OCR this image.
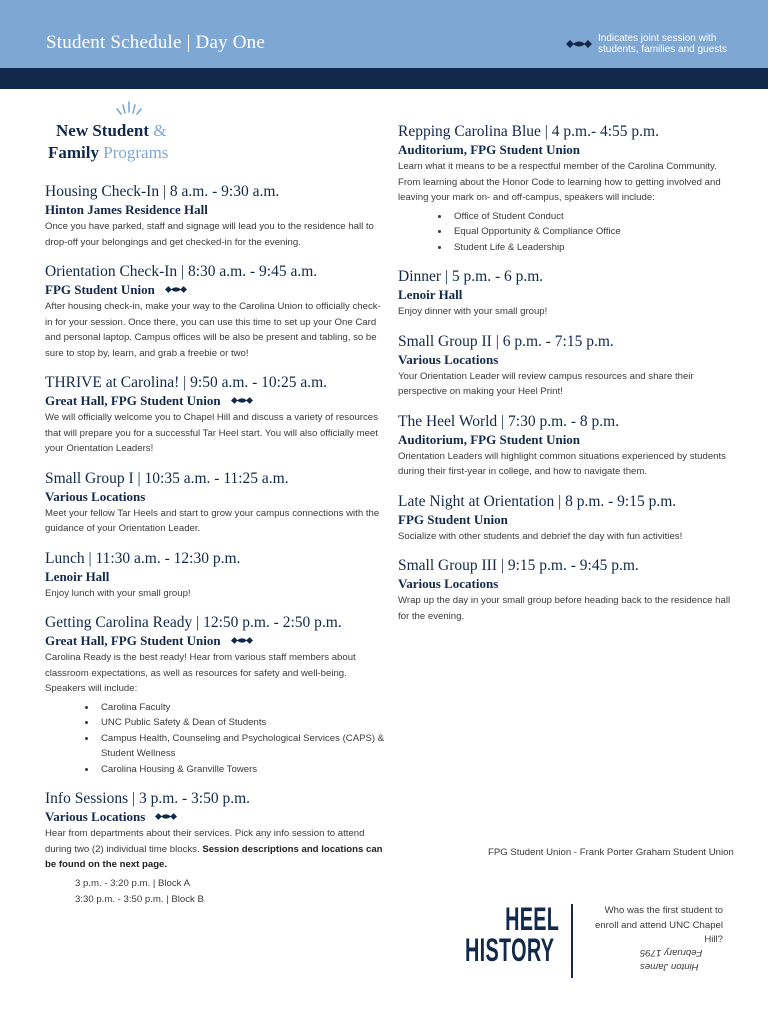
Student Schedule | Day One	Indicates joint session with
students, families and guests
New Student &
Family Programs
Housing Check-In | 8 a.m. - 9:30 a.m.
Hinton James Residence Hall
Once you have parked, staff and signage will lead you to the residence hall to drop-off your belongings and get checked-in for the evening.
Orientation Check-In | 8:30 a.m. - 9:45 a.m.
FPG Student Union
After housing check-in, make your way to the Carolina Union to officially check-in for your session. Once there, you can use this time to set up your One Card and personal laptop. Campus offices will be also be present and tabling, so be sure to stop by, learn, and grab a freebie or two!
THRIVE at Carolina! | 9:50 a.m. - 10:25 a.m.
Great Hall, FPG Student Union
We will officially welcome you to Chapel Hill and discuss a variety of resources that will prepare you for a successful Tar Heel start. You will also officially meet your Orientation Leaders!
Small Group I | 10:35 a.m. - 11:25 a.m.
Various Locations
Meet your fellow Tar Heels and start to grow your campus connections with the guidance of your Orientation Leader.
Lunch | 11:30 a.m. - 12:30 p.m.
Lenoir Hall
Enjoy lunch with your small group!
Getting Carolina Ready | 12:50 p.m. - 2:50 p.m.
Great Hall, FPG Student Union
Carolina Ready is the best ready! Hear from various staff members about classroom expectations, as well as resources for safety and well-being. Speakers will include:
• Carolina Faculty
• UNC Public Safety & Dean of Students
• Campus Health, Counseling and Psychological Services (CAPS) & Student Wellness
• Carolina Housing & Granville Towers
Info Sessions | 3 p.m. - 3:50 p.m.
Various Locations
Hear from departments about their services. Pick any info session to attend during two (2) individual time blocks. Session descriptions and locations can be found on the next page.
3 p.m. - 3:20 p.m. | Block A
3:30 p.m. - 3:50 p.m. | Block B
Repping Carolina Blue | 4 p.m.- 4:55 p.m.
Auditorium, FPG Student Union
Learn what it means to be a respectful member of the Carolina Community. From learning about the Honor Code to learning how to getting involved and leaving your mark on- and off-campus, speakers will include:
• Office of Student Conduct
• Equal Opportunity & Compliance Office
• Student Life & Leadership
Dinner | 5 p.m. - 6 p.m.
Lenoir Hall
Enjoy dinner with your small group!
Small Group II | 6 p.m. - 7:15 p.m.
Various Locations
Your Orientation Leader will review campus resources and share their perspective on making your Heel Print!
The Heel World | 7:30 p.m. - 8 p.m.
Auditorium, FPG Student Union
Orientation Leaders will highlight common situations experienced by students during their first-year in college, and how to navigate them.
Late Night at Orientation | 8 p.m. - 9:15 p.m.
FPG Student Union
Socialize with other students and debrief the day with fun activities!
Small Group III | 9:15 p.m. - 9:45 p.m.
Various Locations
Wrap up the day in your small group before heading back to the residence hall for the evening.
FPG Student Union - Frank Porter Graham Student Union
HEEL
HISTORY
Who was the first student to enroll and attend UNC Chapel Hill?
Hinton James
February 1795
